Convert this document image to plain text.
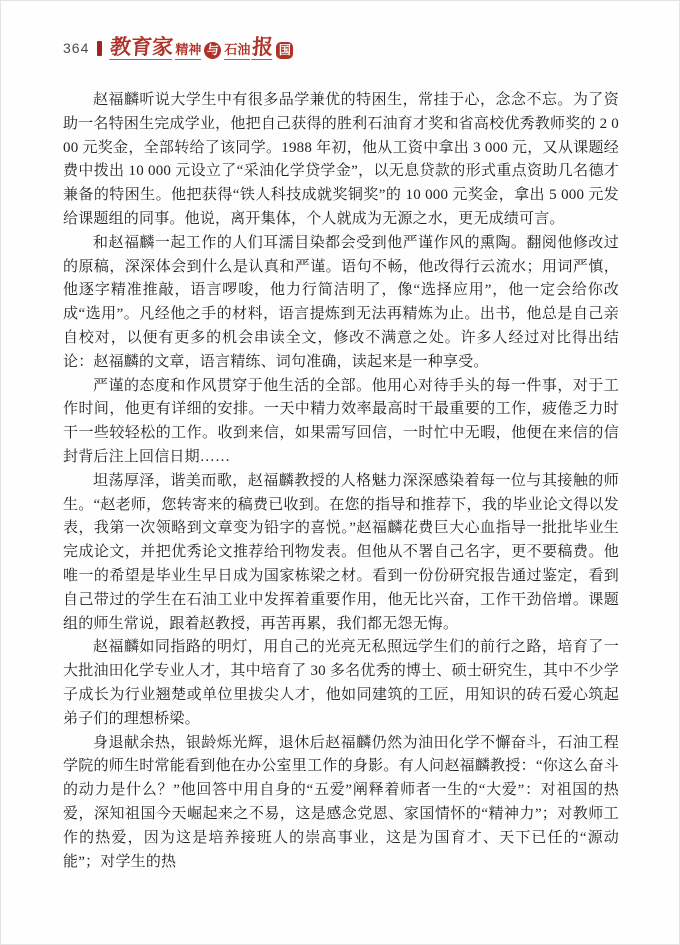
364 教育家 精神 与 石油 报 国

赵福麟听说大学生中有很多品学兼优的特困生，常挂于心，念念不忘。为了资助一名特困生完成学业，他把自己获得的胜利石油育才奖和省高校优秀教师奖的 2 000 元奖金，全部转给了该同学。1988 年初，他从工资中拿出 3 000 元，又从课题经费中拨出 10 000 元设立了“采油化学贷学金”，以无息贷款的形式重点资助几名德才兼备的特困生。他把获得“铁人科技成就奖铜奖”的 10 000 元奖金，拿出 5 000 元发给课题组的同事。他说，离开集体，个人就成为无源之水，更无成绩可言。

和赵福麟一起工作的人们耳濡目染都会受到他严谨作风的熏陶。翻阅他修改过的原稿，深深体会到什么是认真和严谨。语句不畅，他改得行云流水；用词严慎，他逐字精准推敲，语言啰唆，他力行简洁明了，像“选择应用”，他一定会给你改成“选用”。凡经他之手的材料，语言提炼到无法再精炼为止。出书，他总是自己亲自校对，以便有更多的机会串读全文，修改不满意之处。许多人经过对比得出结论：赵福麟的文章，语言精练、词句准确，读起来是一种享受。

严谨的态度和作风贯穿于他生活的全部。他用心对待手头的每一件事，对于工作时间，他更有详细的安排。一天中精力效率最高时干最重要的工作，疲倦乏力时干一些较轻松的工作。收到来信，如果需写回信，一时忙中无暇，他便在来信的信封背后注上回信日期……

坦荡厚泽，谐美而歌，赵福麟教授的人格魅力深深感染着每一位与其接触的师生。“赵老师，您转寄来的稿费已收到。在您的指导和推荐下，我的毕业论文得以发表，我第一次领略到文章变为铅字的喜悦。”赵福麟花费巨大心血指导一批批毕业生完成论文，并把优秀论文推荐给刊物发表。但他从不署自己名字，更不要稿费。他唯一的希望是毕业生早日成为国家栋梁之材。看到一份份研究报告通过鉴定，看到自己带过的学生在石油工业中发挥着重要作用，他无比兴奋，工作干劲倍增。课题组的师生常说，跟着赵教授，再苦再累，我们都无怨无悔。

赵福麟如同指路的明灯，用自己的光亮无私照远学生们的前行之路，培育了一大批油田化学专业人才，其中培育了 30 多名优秀的博士、硕士研究生，其中不少学子成长为行业翘楚或单位里拔尖人才，他如同建筑的工匠，用知识的砖石爱心筑起弟子们的理想桥梁。

身退献余热，银龄烁光辉，退休后赵福麟仍然为油田化学不懈奋斗，石油工程学院的师生时常能看到他在办公室里工作的身影。有人问赵福麟教授：“你这么奋斗的动力是什么？”他回答中用自身的“五爱”阐释着师者一生的“大爱”：对祖国的热爱，深知祖国今天崛起来之不易，这是感念党恩、家国情怀的“精神力”；对教师工作的热爱，因为这是培养接班人的崇高事业，这是为国育才、天下已任的“源动能”；对学生的热
